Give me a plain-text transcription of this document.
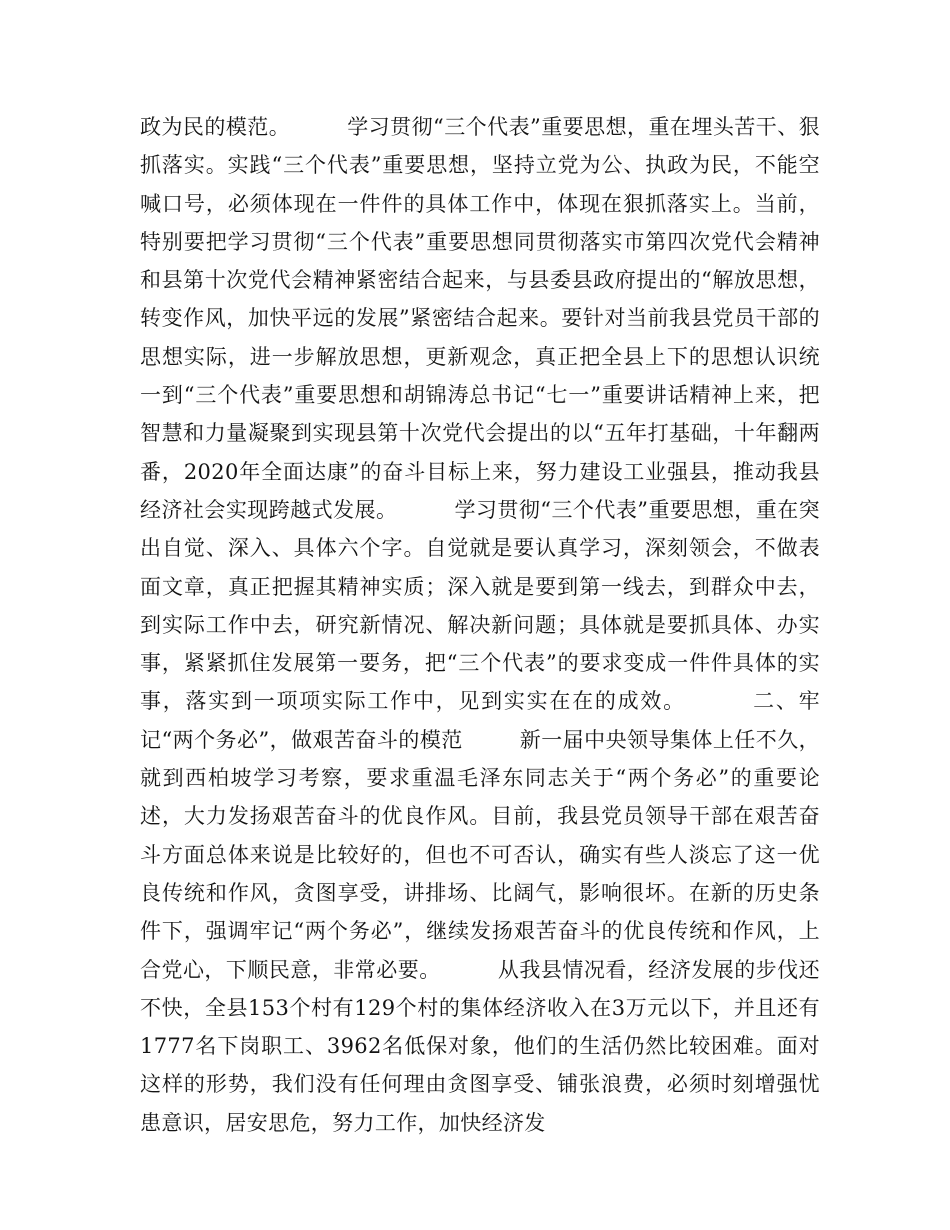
政为民的模范。        学习贯彻“三个代表”重要思想，重在埋头苦干、狠抓落实。实践“三个代表”重要思想，坚持立党为公、执政为民，不能空喊口号，必须体现在一件件的具体工作中，体现在狠抓落实上。当前，特别要把学习贯彻“三个代表”重要思想同贯彻落实市第四次党代会精神和县第十次党代会精神紧密结合起来，与县委县政府提出的“解放思想，转变作风，加快平远的发展”紧密结合起来。要针对当前我县党员干部的思想实际，进一步解放思想，更新观念，真正把全县上下的思想认识统一到“三个代表”重要思想和胡锦涛总书记“七一”重要讲话精神上来，把智慧和力量凝聚到实现县第十次党代会提出的以“五年打基础，十年翻两番，2020年全面达康”的奋斗目标上来，努力建设工业强县，推动我县经济社会实现跨越式发展。        学习贯彻“三个代表”重要思想，重在突出自觉、深入、具体六个字。自觉就是要认真学习，深刻领会，不做表面文章，真正把握其精神实质；深入就是要到第一线去，到群众中去，到实际工作中去，研究新情况、解决新问题；具体就是要抓具体、办实事，紧紧抓住发展第一要务，把“三个代表”的要求变成一件件具体的实事，落实到一项项实际工作中，见到实实在在的成效。        二、牢记“两个务必”，做艰苦奋斗的模范        新一届中央领导集体上任不久，就到西柏坡学习考察，要求重温毛泽东同志关于“两个务必”的重要论述，大力发扬艰苦奋斗的优良作风。目前，我县党员领导干部在艰苦奋斗方面总体来说是比较好的，但也不可否认，确实有些人淡忘了这一优良传统和作风，贪图享受，讲排场、比阔气，影响很坏。在新的历史条件下，强调牢记“两个务必”，继续发扬艰苦奋斗的优良传统和作风，上合党心，下顺民意，非常必要。        从我县情况看，经济发展的步伐还不快，全县153个村有129个村的集体经济收入在3万元以下，并且还有1777名下岗职工、3962名低保对象，他们的生活仍然比较困难。面对这样的形势，我们没有任何理由贪图享受、铺张浪费，必须时刻增强忧患意识，居安思危，努力工作，加快经济发
